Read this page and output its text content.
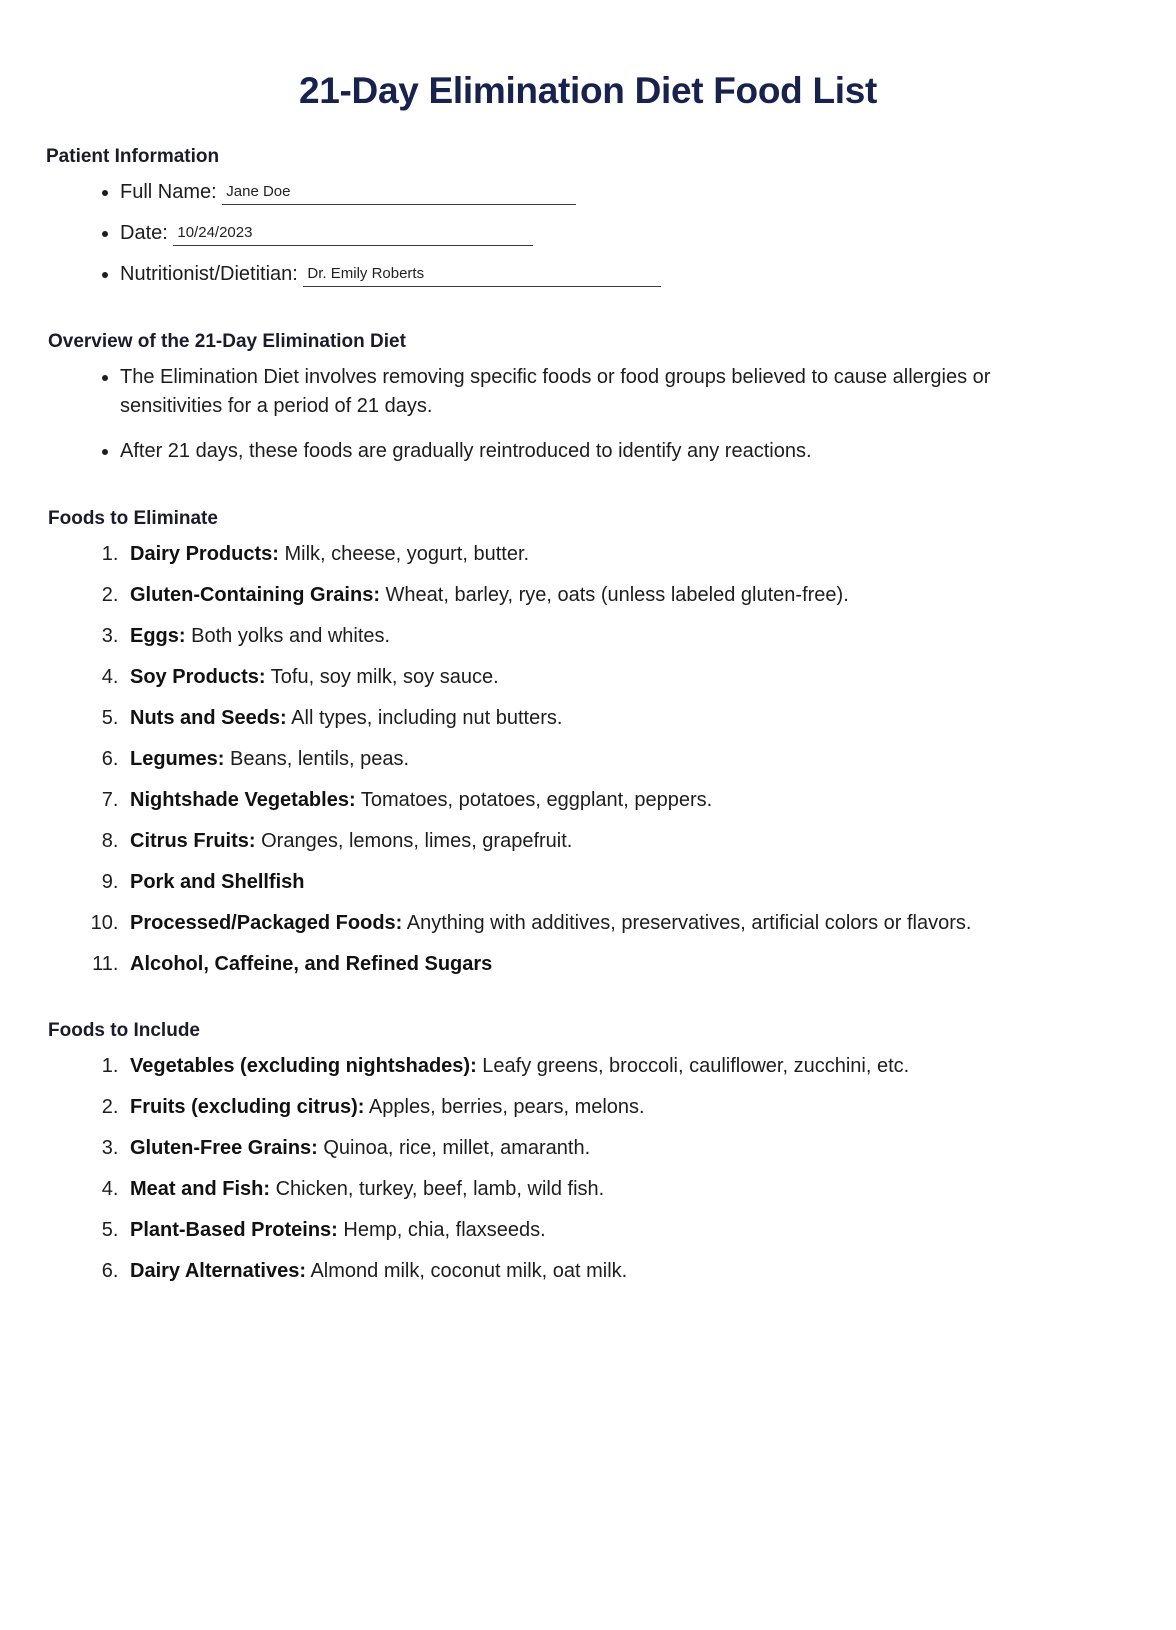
21-Day Elimination Diet Food List
Patient Information
• Full Name: Jane Doe
• Date: 10/24/2023
• Nutritionist/Dietitian: Dr. Emily Roberts
Overview of the 21-Day Elimination Diet
• The Elimination Diet involves removing specific foods or food groups believed to cause allergies or sensitivities for a period of 21 days.
• After 21 days, these foods are gradually reintroduced to identify any reactions.
Foods to Eliminate
1. Dairy Products: Milk, cheese, yogurt, butter.
2. Gluten-Containing Grains: Wheat, barley, rye, oats (unless labeled gluten-free).
3. Eggs: Both yolks and whites.
4. Soy Products: Tofu, soy milk, soy sauce.
5. Nuts and Seeds: All types, including nut butters.
6. Legumes: Beans, lentils, peas.
7. Nightshade Vegetables: Tomatoes, potatoes, eggplant, peppers.
8. Citrus Fruits: Oranges, lemons, limes, grapefruit.
9. Pork and Shellfish
10. Processed/Packaged Foods: Anything with additives, preservatives, artificial colors or flavors.
11. Alcohol, Caffeine, and Refined Sugars
Foods to Include
1. Vegetables (excluding nightshades): Leafy greens, broccoli, cauliflower, zucchini, etc.
2. Fruits (excluding citrus): Apples, berries, pears, melons.
3. Gluten-Free Grains: Quinoa, rice, millet, amaranth.
4. Meat and Fish: Chicken, turkey, beef, lamb, wild fish.
5. Plant-Based Proteins: Hemp, chia, flaxseeds.
6. Dairy Alternatives: Almond milk, coconut milk, oat milk.
